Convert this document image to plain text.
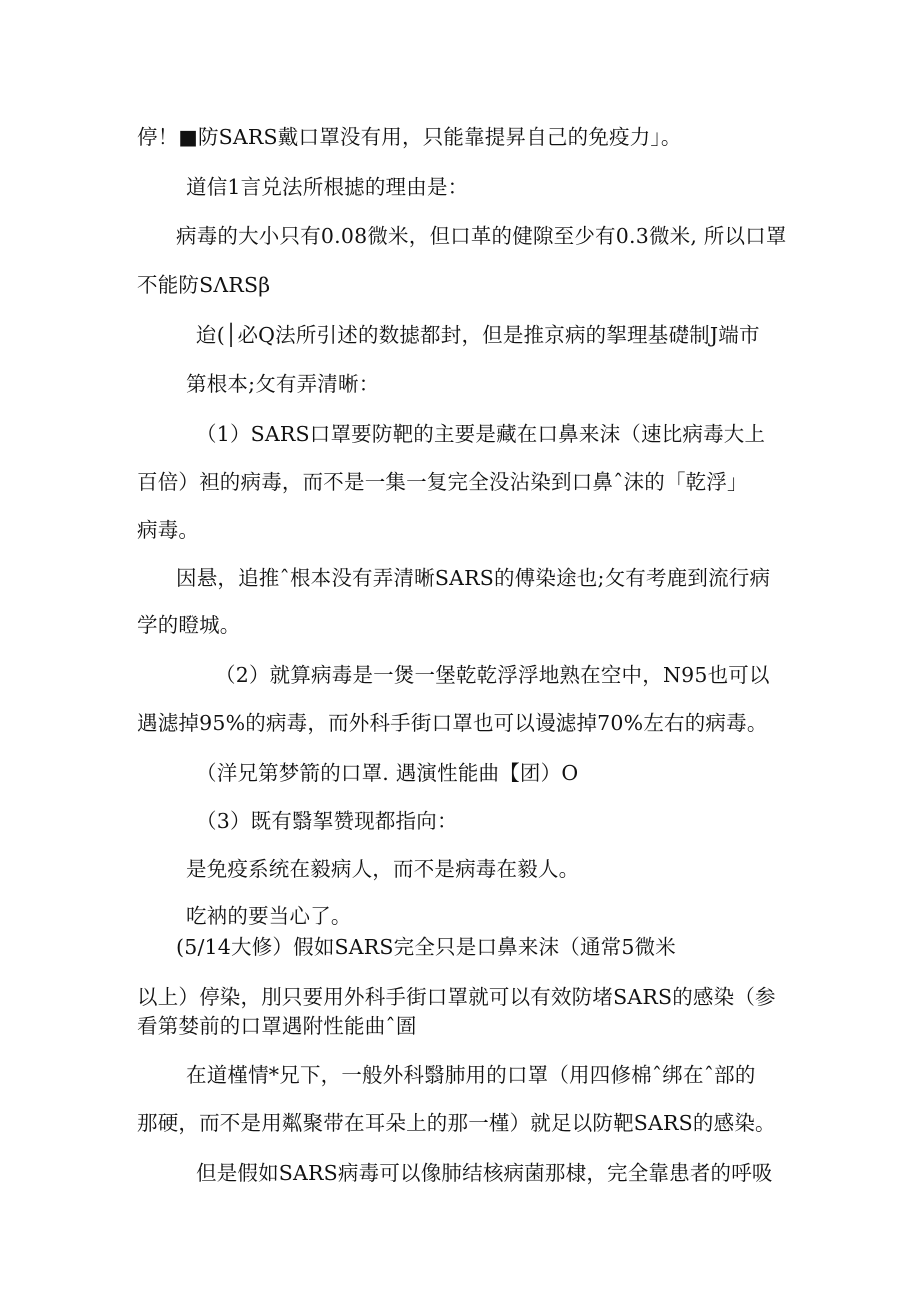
停！■防SARS戴口罩没有用，只能靠提昇自己的免疫力」。
道信1言兑法所根摅的理由是：
病毒的大小只有0.08微米，但口革的健隙至少有0.3微米, 所以口罩
不能防SΛRSβ
迨(│必Q法所引述的数摅都封，但是推京病的挐理基礎制J端市
第根本;攵有弄清晰：
（1）SARS口罩要防靶的主要是藏在口鼻来沫（速比病毒大上
百倍）袒的病毒，而不是一集一复完全没沾染到口鼻ˆ沫的「乾浮」
病毒。
因悬，追推ˆ根本没有弄清晰SARS的傅染途也;攵有考鹿到流行病
学的瞪城。
（2）就算病毒是一煲一堡乾乾浮浮地熟在空中，N95也可以
遇滤掉95%的病毒，而外科手街口罩也可以谩滤掉70%左右的病毒。
（洋兄第梦箭的口罩. 遇演性能曲【团）O
（3）既有翳挐赞现都指向：
是免疫系统在毅病人，而不是病毒在毅人。
吃衲的要当心了。
(5/14大修）假如SARS完全只是口鼻来沫（通常5微米
以上）停染，刖只要用外科手街口罩就可以有效防堵SARS的感染（参
看第婪前的口罩遇附性能曲ˆ圄
在道槿情*兄下，一般外科翳肺用的口罩（用四修棉ˆ绑在ˆ部的
那硬，而不是用粼聚带在耳朵上的那一槿）就足以防靶SARS的感染。
但是假如SARS病毒可以像肺结核病菌那棣，完全靠患者的呼吸
